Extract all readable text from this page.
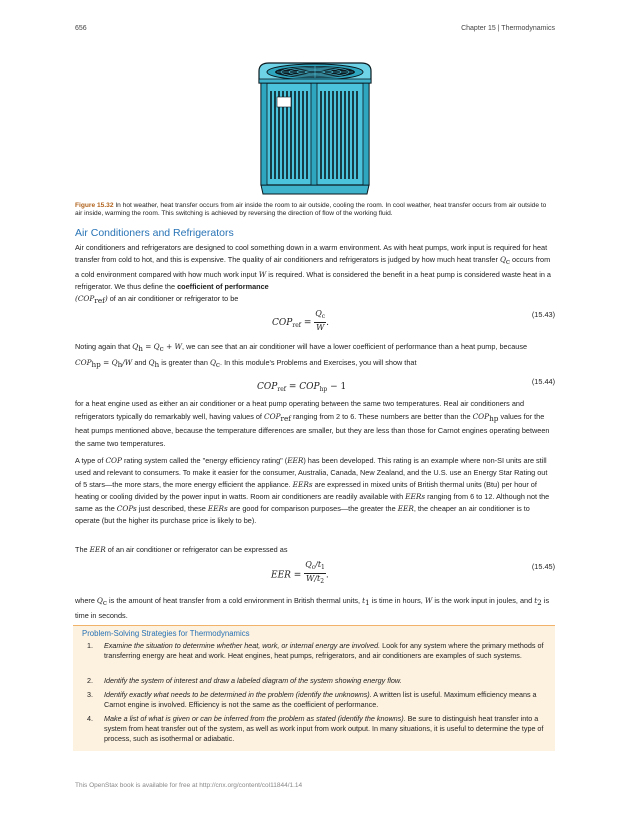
656	Chapter 15 | Thermodynamics
Figure 15.32 In hot weather, heat transfer occurs from air inside the room to air outside, cooling the room. In cool weather, heat transfer occurs from air outside to air inside, warming the room. This switching is achieved by reversing the direction of flow of the working fluid.
Air Conditioners and Refrigerators
Air conditioners and refrigerators are designed to cool something down in a warm environment. As with heat pumps, work input is required for heat transfer from cold to hot, and this is expensive. The quality of air conditioners and refrigerators is judged by how much heat transfer Qc occurs from a cold environment compared with how much work input W is required. What is considered the benefit in a heat pump is considered waste heat in a refrigerator. We thus define the coefficient of performance
(COPref) of an air conditioner or refrigerator to be
$COP_{ref} = \frac{Q_c}{W}$ .
(15.43)
Noting again that Qh = Qc + W, we can see that an air conditioner will have a lower coefficient of performance than a heat pump, because COPhp = Qh/W and Qh is greater than Qc. In this module's Problems and Exercises, you will show that
$COP_{ref} = COP_{hp} - 1$
(15.44)
for a heat engine used as either an air conditioner or a heat pump operating between the same two temperatures. Real air conditioners and refrigerators typically do remarkably well, having values of COPref ranging from 2 to 6. These numbers are better than the COPhp values for the heat pumps mentioned above, because the temperature differences are smaller, but they are less than those for Carnot engines operating between the same two temperatures.
A type of COP rating system called the "energy efficiency rating" (EER) has been developed. This rating is an example where non-SI units are still used and relevant to consumers. To make it easier for the consumer, Australia, Canada, New Zealand, and the U.S. use an Energy Star Rating out of 5 stars—the more stars, the more energy efficient the appliance. EERs are expressed in mixed units of British thermal units (Btu) per hour of heating or cooling divided by the power input in watts. Room air conditioners are readily available with EERs ranging from 6 to 12. Although not the same as the COPs just described, these EERs are good for comparison purposes—the greater the EER, the cheaper an air conditioner is to operate (but the higher its purchase price is likely to be).
The EER of an air conditioner or refrigerator can be expressed as
EER = $\frac{Q_c/t_1}{W/t_2}$ .
(15.45)
where Qc is the amount of heat transfer from a cold environment in British thermal units, t1 is time in hours, W is the work input in joules, and t2 is time in seconds.
Problem-Solving Strategies for Thermodynamics
1. Examine the situation to determine whether heat, work, or internal energy are involved. Look for any system where the primary methods of transferring energy are heat and work. Heat engines, heat pumps, refrigerators, and air conditioners are examples of such systems.
2. Identify the system of interest and draw a labeled diagram of the system showing energy flow.
3. Identify exactly what needs to be determined in the problem (identify the unknowns). A written list is useful. Maximum efficiency means a Carnot engine is involved. Efficiency is not the same as the coefficient of performance.
4. Make a list of what is given or can be inferred from the problem as stated (identify the knowns). Be sure to distinguish heat transfer into a system from heat transfer out of the system, as well as work input from work output. In many situations, it is useful to determine the type of process, such as isothermal or adiabatic.
This OpenStax book is available for free at http://cnx.org/content/col11844/1.14
